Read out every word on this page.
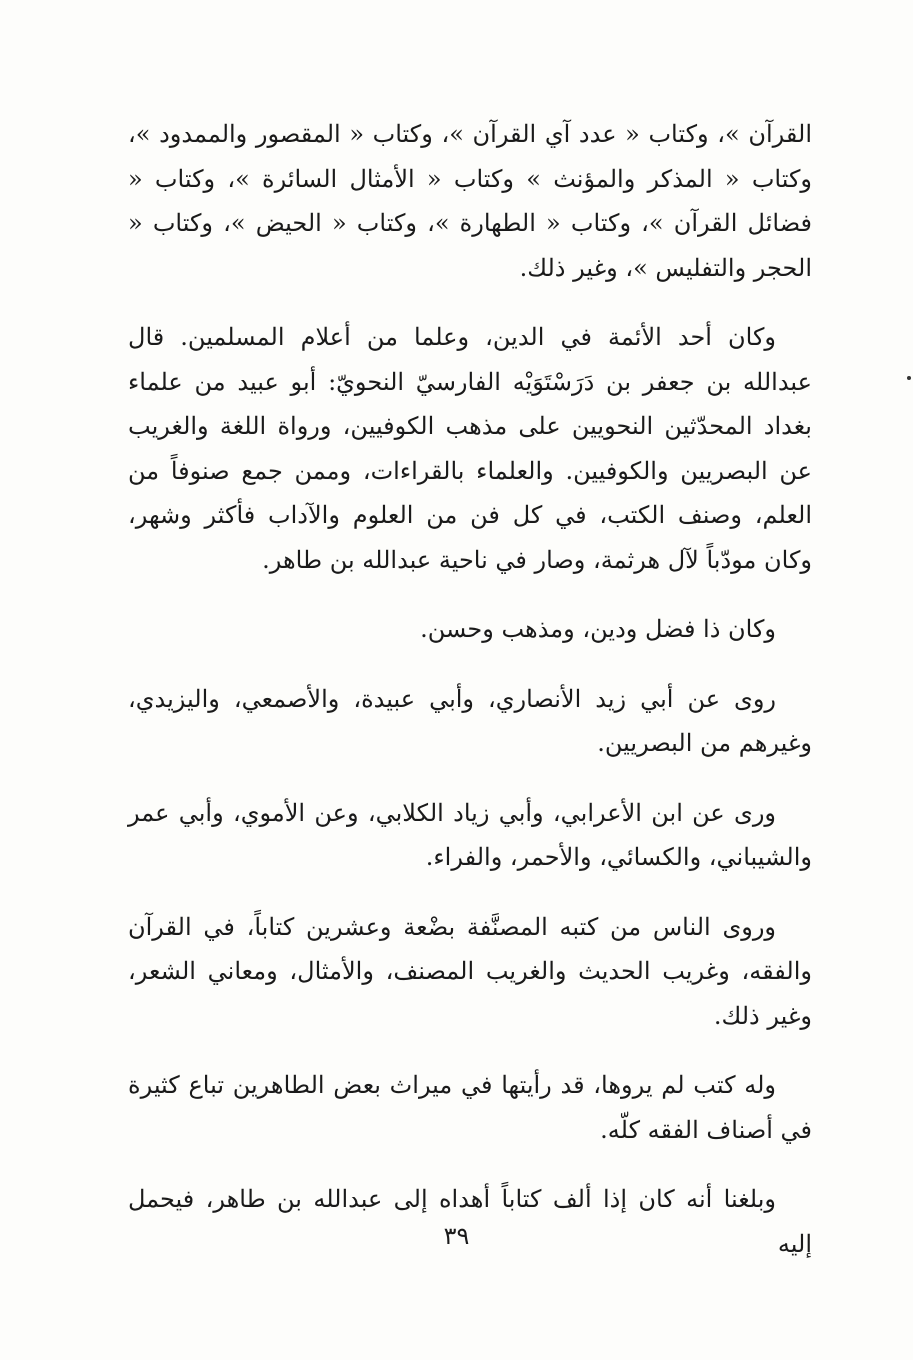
القرآن »، وكتاب « عدد آي القرآن »، وكتاب « المقصور والممدود »، وكتاب « المذكر والمؤنث » وكتاب « الأمثال السائرة »، وكتاب « فضائل القرآن »، وكتاب « الطهارة »، وكتاب « الحيض »، وكتاب « الحجر والتفليس »، وغير ذلك.

وكان أحد الأئمة في الدين، وعلما من أعلام المسلمين. قال عبدالله بن جعفر بن دَرَسْتَوَيْه الفارسيّ النحويّ: أبو عبيد من علماء بغداد المحدّثين النحويين على مذهب الكوفيين، ورواة اللغة والغريب عن البصريين والكوفيين. والعلماء بالقراءات، وممن جمع صنوفاً من العلم، وصنف الكتب، في كل فن من العلوم والآداب فأكثر وشهر، وكان مودّباً لآل هرثمة، وصار في ناحية عبدالله بن طاهر.

وكان ذا فضل ودين، ومذهب وحسن.

روى عن أبي زيد الأنصاري، وأبي عبيدة، والأصمعي، واليزيدي، وغيرهم من البصريين.

ورى عن ابن الأعرابي، وأبي زياد الكلابي، وعن الأموي، وأبي عمر والشيباني، والكسائي، والأحمر، والفراء.

وروى الناس من كتبه المصنَّفة بضْعة وعشرين كتاباً، في القرآن والفقه، وغريب الحديث والغريب المصنف، والأمثال، ومعاني الشعر، وغير ذلك.

وله كتب لم يروها، قد رأيتها في ميراث بعض الطاهرين تباع كثيرة في أصناف الفقه كلّه.

وبلغنا أنه كان إذا ألف كتاباً أهداه إلى عبدالله بن طاهر، فيحمل إليه

٣٩
